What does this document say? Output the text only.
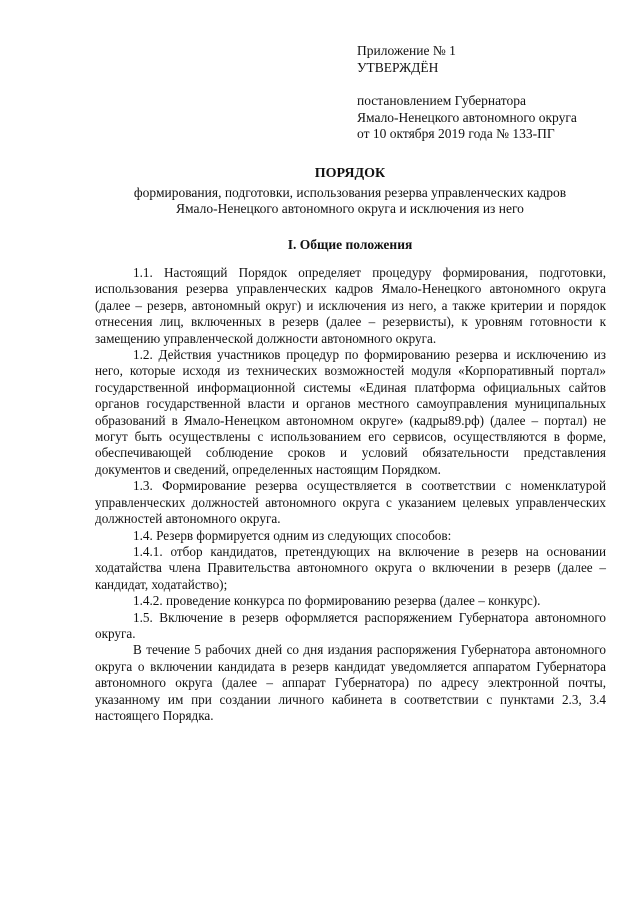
Приложение № 1
УТВЕРЖДЁН
постановлением Губернатора
Ямало-Ненецкого автономного округа
от 10 октября 2019 года № 133-ПГ
ПОРЯДОК
формирования, подготовки, использования резерва управленческих кадров
Ямало-Ненецкого автономного округа и исключения из него
I. Общие положения

1.1. Настоящий Порядок определяет процедуру формирования, подготовки, использования резерва управленческих кадров Ямало-Ненецкого автономного округа (далее – резерв, автономный округ) и исключения из него, а также критерии и порядок отнесения лиц, включенных в резерв (далее – резервисты), к уровням готовности к замещению управленческой должности автономного округа.

1.2. Действия участников процедур по формированию резерва и исключению из него, которые исходя из технических возможностей модуля «Корпоративный портал» государственной информационной системы «Единая платформа официальных сайтов органов государственной власти и органов местного самоуправления муниципальных образований в Ямало-Ненецком автономном округе» (кадры89.рф) (далее – портал) не могут быть осуществлены с использованием его сервисов, осуществляются в форме, обеспечивающей соблюдение сроков и условий обязательности представления документов и сведений, определенных настоящим Порядком.

1.3. Формирование резерва осуществляется в соответствии с номенклатурой управленческих должностей автономного округа с указанием целевых управленческих должностей автономного округа.

1.4. Резерв формируется одним из следующих способов:

1.4.1. отбор кандидатов, претендующих на включение в резерв на основании ходатайства члена Правительства автономного округа о включении в резерв (далее – кандидат, ходатайство);

1.4.2. проведение конкурса по формированию резерва (далее – конкурс).

1.5. Включение в резерв оформляется распоряжением Губернатора автономного округа.

В течение 5 рабочих дней со дня издания распоряжения Губернатора автономного округа о включении кандидата в резерв кандидат уведомляется аппаратом Губернатора автономного округа (далее – аппарат Губернатора) по адресу электронной почты, указанному им при создании личного кабинета в соответствии с пунктами 2.3, 3.4 настоящего Порядка.
